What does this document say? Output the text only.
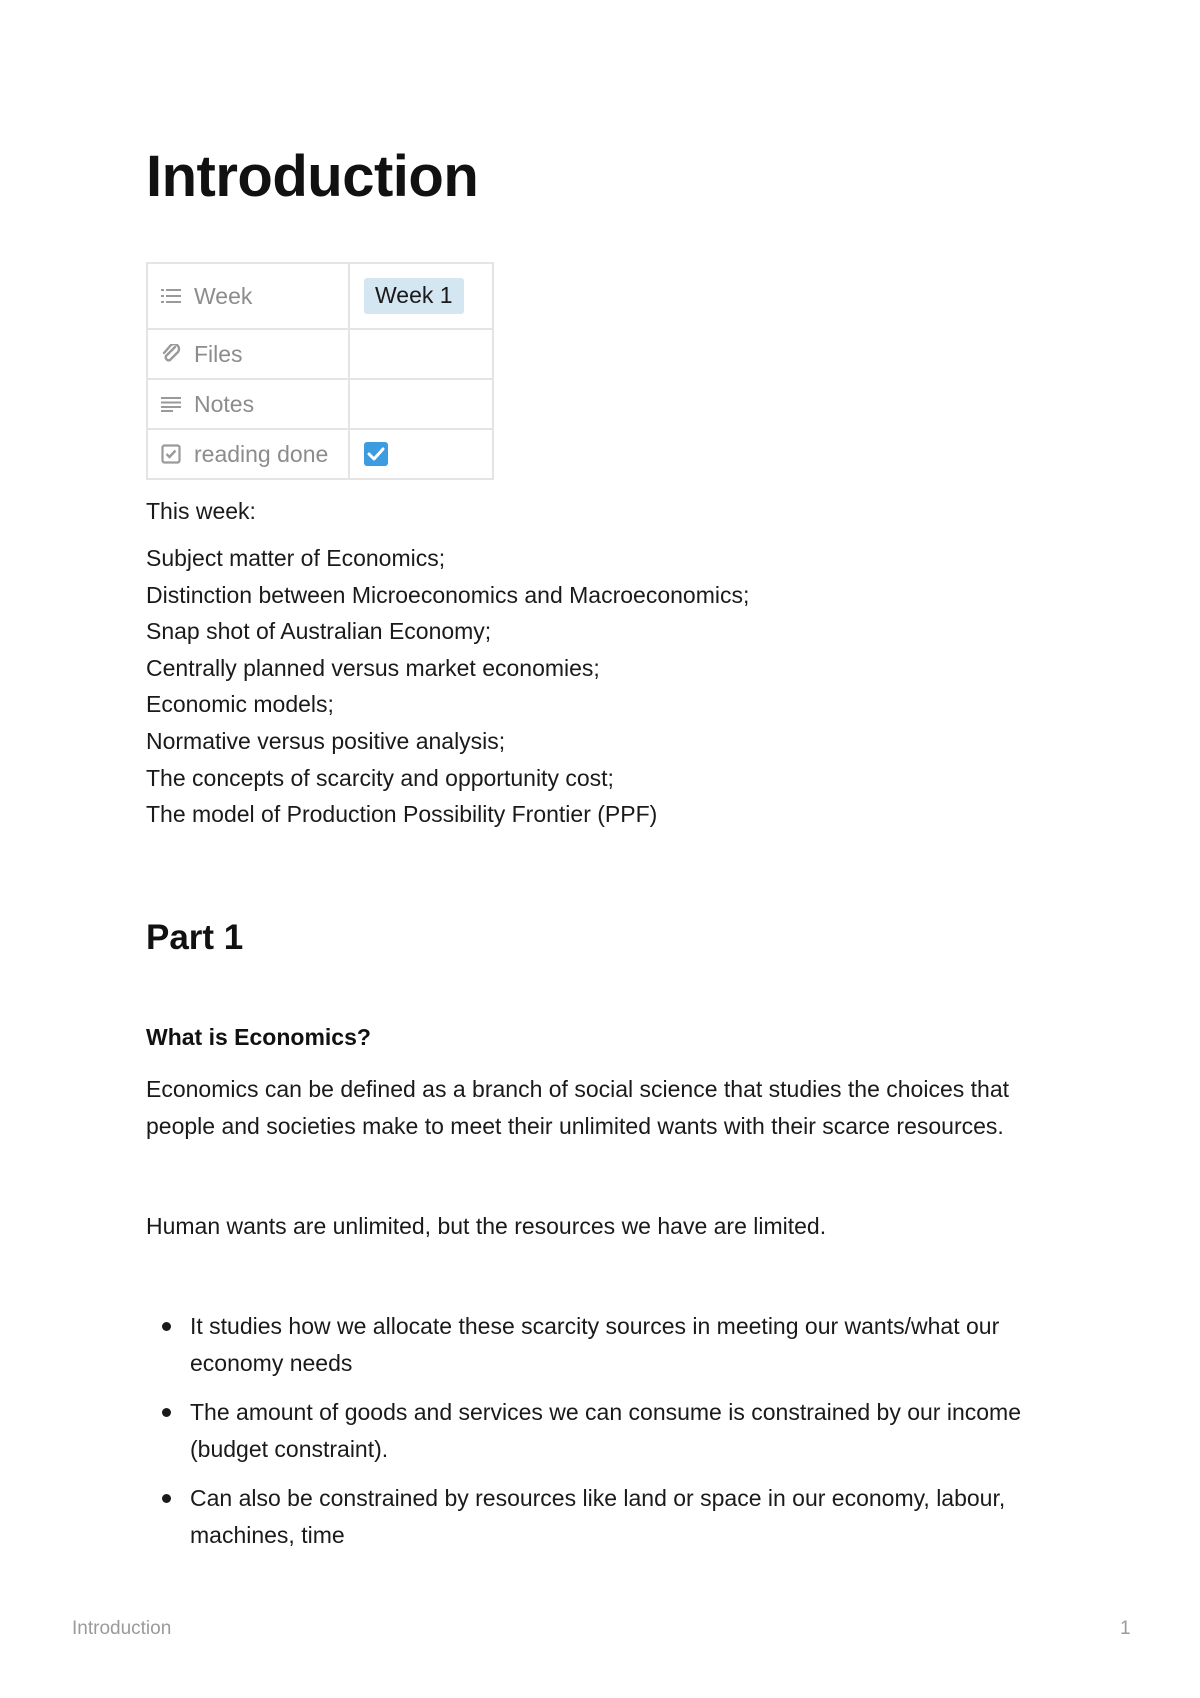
Introduction
Week	Week 1

Files	

Notes	

reading done

This week:
Subject matter of Economics;
Distinction between Microeconomics and Macroeconomics;
Snap shot of Australian Economy;
Centrally planned versus market economies;
Economic models;
Normative versus positive analysis;
The concepts of scarcity and opportunity cost;
The model of Production Possibility Frontier (PPF)
Part 1
What is Economics?

Economics can be defined as a branch of social science that studies the choices that people and societies make to meet their unlimited wants with their scarce resources.

Human wants are unlimited, but the resources we have are limited.

It studies how we allocate these scarcity sources in meeting our wants/what our economy needs
The amount of goods and services we can consume is constrained by our income (budget constraint).
Can also be constrained by resources like land or space in our economy, labour, machines, time
Introduction	1
